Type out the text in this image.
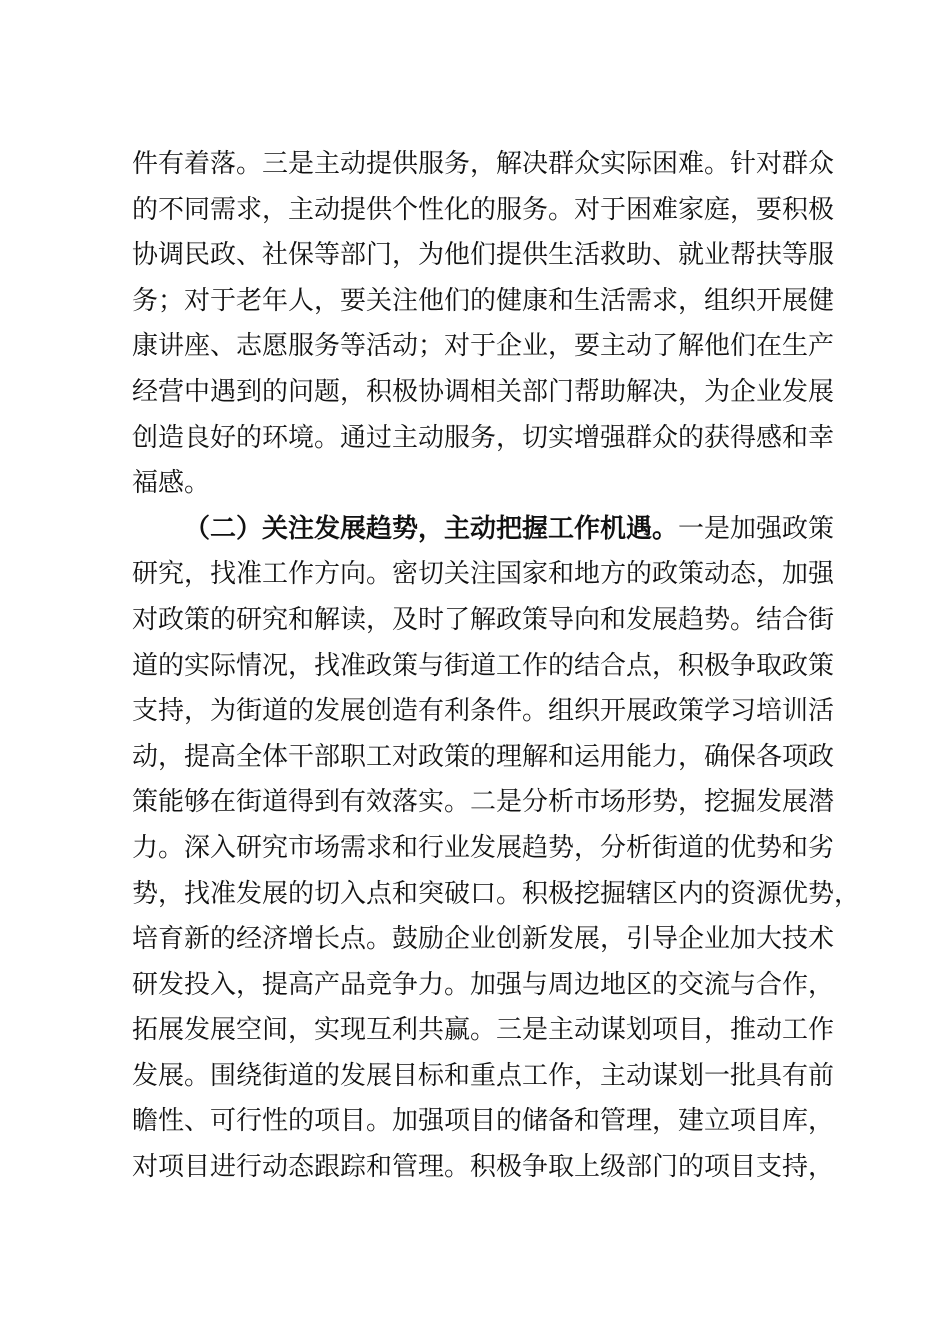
件有着落。三是主动提供服务，解决群众实际困难。针对群众
的不同需求，主动提供个性化的服务。对于困难家庭，要积极
协调民政、社保等部门，为他们提供生活救助、就业帮扶等服
务；对于老年人，要关注他们的健康和生活需求，组织开展健
康讲座、志愿服务等活动；对于企业，要主动了解他们在生产
经营中遇到的问题，积极协调相关部门帮助解决，为企业发展
创造良好的环境。通过主动服务，切实增强群众的获得感和幸
福感。
（二）关注发展趋势，主动把握工作机遇。一是加强政策
研究，找准工作方向。密切关注国家和地方的政策动态，加强
对政策的研究和解读，及时了解政策导向和发展趋势。结合街
道的实际情况，找准政策与街道工作的结合点，积极争取政策
支持，为街道的发展创造有利条件。组织开展政策学习培训活
动，提高全体干部职工对政策的理解和运用能力，确保各项政
策能够在街道得到有效落实。二是分析市场形势，挖掘发展潜
力。深入研究市场需求和行业发展趋势，分析街道的优势和劣
势，找准发展的切入点和突破口。积极挖掘辖区内的资源优势，
培育新的经济增长点。鼓励企业创新发展，引导企业加大技术
研发投入，提高产品竞争力。加强与周边地区的交流与合作，
拓展发展空间，实现互利共赢。三是主动谋划项目，推动工作
发展。围绕街道的发展目标和重点工作，主动谋划一批具有前
瞻性、可行性的项目。加强项目的储备和管理，建立项目库，
对项目进行动态跟踪和管理。积极争取上级部门的项目支持，
